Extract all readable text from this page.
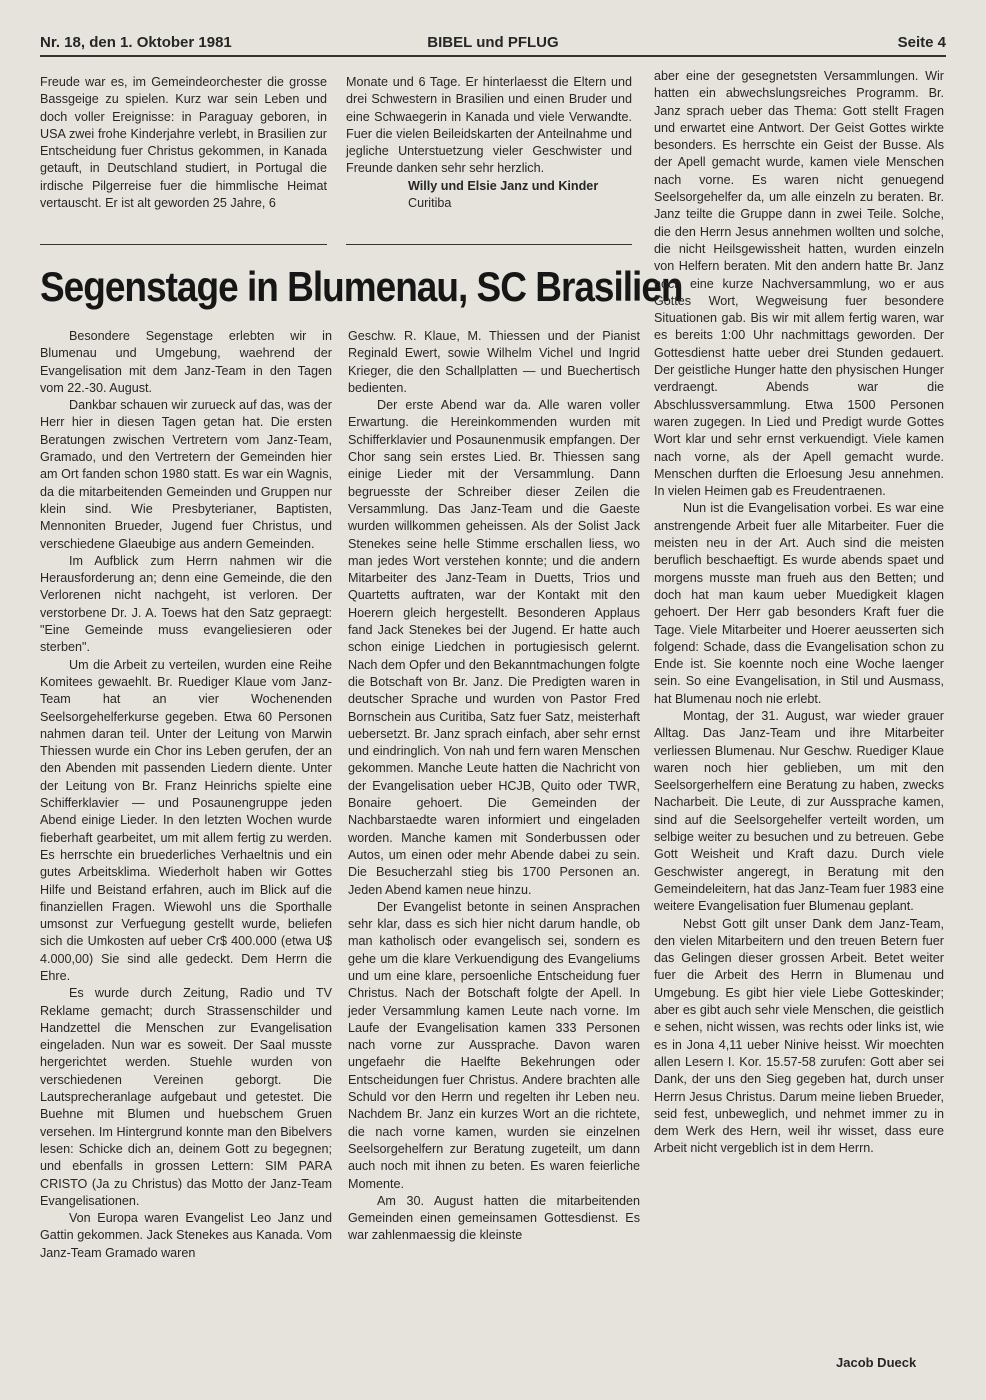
Nr. 18, den 1. Oktober 1981	BIBEL und PFLUG	Seite 4

Freude war es, im Gemeindeorchester die grosse Bassgeige zu spielen. Kurz war sein Leben und doch voller Ereignisse: in Paraguay geboren, in USA zwei frohe Kinderjahre verlebt, in Brasilien zur Entscheidung fuer Christus gekommen, in Kanada getauft, in Deutschland studiert, in Portugal die irdische Pilgerreise fuer die himmlische Heimat vertauscht. Er ist alt geworden 25 Jahre, 6

Monate und 6 Tage. Er hinterlaesst die Eltern und drei Schwestern in Brasilien und einen Bruder und eine Schwaegerin in Kanada und viele Verwandte. Fuer die vielen Beileidskarten der Anteilnahme und jegliche Unterstuetzung vieler Geschwister und Freunde danken sehr sehr herzlich.

Willy und Elsie Janz und Kinder

Curitiba

Segenstage in Blumenau, SC Brasilien

Besondere Segenstage erlebten wir in Blumenau und Umgebung, waehrend der Evangelisation mit dem Janz-Team in den Tagen vom 22.-30. August.

Dankbar schauen wir zurueck auf das, was der Herr hier in diesen Tagen getan hat. Die ersten Beratungen zwischen Vertretern vom Janz-Team, Gramado, und den Vertretern der Gemeinden hier am Ort fanden schon 1980 statt. Es war ein Wagnis, da die mitarbeitenden Gemeinden und Gruppen nur klein sind. Wie Presbyterianer, Baptisten, Mennoniten Brueder, Jugend fuer Christus, und verschiedene Glaeubige aus andern Gemeinden.

Im Aufblick zum Herrn nahmen wir die Herausforderung an; denn eine Gemeinde, die den Verlorenen nicht nachgeht, ist verloren. Der verstorbene Dr. J. A. Toews hat den Satz gepraegt: "Eine Gemeinde muss evangeliesieren oder sterben".

Um die Arbeit zu verteilen, wurden eine Reihe Komitees gewaehlt. Br. Ruediger Klaue vom Janz-Team hat an vier Wochenenden Seelsorgehelferkurse gegeben. Etwa 60 Personen nahmen daran teil. Unter der Leitung von Marwin Thiessen wurde ein Chor ins Leben gerufen, der an den Abenden mit passenden Liedern diente. Unter der Leitung von Br. Franz Heinrichs spielte eine Schifferklavier — und Posaunengruppe jeden Abend einige Lieder. In den letzten Wochen wurde fieberhaft gearbeitet, um mit allem fertig zu werden. Es herrschte ein bruederliches Verhaeltnis und ein gutes Arbeitsklima. Wiederholt haben wir Gottes Hilfe und Beistand erfahren, auch im Blick auf die finanziellen Fragen. Wiewohl uns die Sporthalle umsonst zur Verfuegung gestellt wurde, beliefen sich die Umkosten auf ueber Cr$ 400.000 (etwa U$ 4.000,00) Sie sind alle gedeckt. Dem Herrn die Ehre.

Es wurde durch Zeitung, Radio und TV Reklame gemacht; durch Strassenschilder und Handzettel die Menschen zur Evangelisation eingeladen. Nun war es soweit. Der Saal musste hergerichtet werden. Stuehle wurden von verschiedenen Vereinen geborgt. Die Lautsprecheranlage aufgebaut und getestet. Die Buehne mit Blumen und huebschem Gruen versehen. Im Hintergrund konnte man den Bibelvers lesen: Schicke dich an, deinem Gott zu begegnen; und ebenfalls in grossen Lettern: SIM PARA CRISTO (Ja zu Christus) das Motto der Janz-Team Evangelisationen.

Von Europa waren Evangelist Leo Janz und Gattin gekommen. Jack Stenekes aus Kanada. Vom Janz-Team Gramado waren

Geschw. R. Klaue, M. Thiessen und der Pianist Reginald Ewert, sowie Wilhelm Vichel und Ingrid Krieger, die den Schallplatten — und Buechertisch bedienten.

Der erste Abend war da. Alle waren voller Erwartung. die Hereinkommenden wurden mit Schifferklavier und Posaunenmusik empfangen. Der Chor sang sein erstes Lied. Br. Thiessen sang einige Lieder mit der Versammlung. Dann begruesste der Schreiber dieser Zeilen die Versammlung. Das Janz-Team und die Gaeste wurden willkommen geheissen. Als der Solist Jack Stenekes seine helle Stimme erschallen liess, wo man jedes Wort verstehen konnte; und die andern Mitarbeiter des Janz-Team in Duetts, Trios und Quartetts auftraten, war der Kontakt mit den Hoerern gleich hergestellt. Besonderen Applaus fand Jack Stenekes bei der Jugend. Er hatte auch schon einige Liedchen in portugiesisch gelernt. Nach dem Opfer und den Bekanntmachungen folgte die Botschaft von Br. Janz. Die Predigten waren in deutscher Sprache und wurden von Pastor Fred Bornschein aus Curitiba, Satz fuer Satz, meisterhaft uebersetzt. Br. Janz sprach einfach, aber sehr ernst und eindringlich. Von nah und fern waren Menschen gekommen. Manche Leute hatten die Nachricht von der Evangelisation ueber HCJB, Quito oder TWR, Bonaire gehoert. Die Gemeinden der Nachbarstaedte waren informiert und eingeladen worden. Manche kamen mit Sonderbussen oder Autos, um einen oder mehr Abende dabei zu sein. Die Besucherzahl stieg bis 1700 Personen an. Jeden Abend kamen neue hinzu.

Der Evangelist betonte in seinen Ansprachen sehr klar, dass es sich hier nicht darum handle, ob man katholisch oder evangelisch sei, sondern es gehe um die klare Verkuendigung des Evangeliums und um eine klare, persoenliche Entscheidung fuer Christus. Nach der Botschaft folgte der Apell. In jeder Versammlung kamen Leute nach vorne. Im Laufe der Evangelisation kamen 333 Personen nach vorne zur Aussprache. Davon waren ungefaehr die Haelfte Bekehrungen oder Entscheidungen fuer Christus. Andere brachten alle Schuld vor den Herrn und regelten ihr Leben neu. Nachdem Br. Janz ein kurzes Wort an die richtete, die nach vorne kamen, wurden sie einzelnen Seelsorgehelfern zur Beratung zugeteilt, um dann auch noch mit ihnen zu beten. Es waren feierliche Momente.

Am 30. August hatten die mitarbeitenden Gemeinden einen gemeinsamen Gottesdienst. Es war zahlenmaessig die kleinste

aber eine der gesegnetsten Versammlungen. Wir hatten ein abwechslungsreiches Programm. Br. Janz sprach ueber das Thema: Gott stellt Fragen und erwartet eine Antwort. Der Geist Gottes wirkte besonders. Es herrschte ein Geist der Busse. Als der Apell gemacht wurde, kamen viele Menschen nach vorne. Es waren nicht genuegend Seelsorgehelfer da, um alle einzeln zu beraten. Br. Janz teilte die Gruppe dann in zwei Teile. Solche, die den Herrn Jesus annehmen wollten und solche, die nicht Heilsgewissheit hatten, wurden einzeln von Helfern beraten. Mit den andern hatte Br. Janz noch eine kurze Nachversammlung, wo er aus Gottes Wort, Wegweisung fuer besondere Situationen gab. Bis wir mit allem fertig waren, war es bereits 1:00 Uhr nachmittags geworden. Der Gottesdienst hatte ueber drei Stunden gedauert. Der geistliche Hunger hatte den physischen Hunger verdraengt. Abends war die Abschlussversammlung. Etwa 1500 Personen waren zugegen. In Lied und Predigt wurde Gottes Wort klar und sehr ernst verkuendigt. Viele kamen nach vorne, als der Apell gemacht wurde. Menschen durften die Erloesung Jesu annehmen. In vielen Heimen gab es Freudentraenen.

Nun ist die Evangelisation vorbei. Es war eine anstrengende Arbeit fuer alle Mitarbeiter. Fuer die meisten neu in der Art. Auch sind die meisten beruflich beschaeftigt. Es wurde abends spaet und morgens musste man frueh aus den Betten; und doch hat man kaum ueber Muedigkeit klagen gehoert. Der Herr gab besonders Kraft fuer die Tage. Viele Mitarbeiter und Hoerer aeusserten sich folgend: Schade, dass die Evangelisation schon zu Ende ist. Sie koennte noch eine Woche laenger sein. So eine Evangelisation, in Stil und Ausmass, hat Blumenau noch nie erlebt.

Montag, der 31. August, war wieder grauer Alltag. Das Janz-Team und ihre Mitarbeiter verliessen Blumenau. Nur Geschw. Ruediger Klaue waren noch hier geblieben, um mit den Seelsorgerhelfern eine Beratung zu haben, zwecks Nacharbeit. Die Leute, di zur Aussprache kamen, sind auf die Seelsorgehelfer verteilt worden, um selbige weiter zu besuchen und zu betreuen. Gebe Gott Weisheit und Kraft dazu. Durch viele Geschwister angeregt, in Beratung mit den Gemeindeleitern, hat das Janz-Team fuer 1983 eine weitere Evangelisation fuer Blumenau geplant.

Nebst Gott gilt unser Dank dem Janz-Team, den vielen Mitarbeitern und den treuen Betern fuer das Gelingen dieser grossen Arbeit. Betet weiter fuer die Arbeit des Herrn in Blumenau und Umgebung. Es gibt hier viele Liebe Gotteskinder; aber es gibt auch sehr viele Menschen, die geistlich e sehen, nicht wissen, was rechts oder links ist, wie es in Jona 4,11 ueber Ninive heisst. Wir moechten allen Lesern I. Kor. 15.57-58 zurufen: Gott aber sei Dank, der uns den Sieg gegeben hat, durch unser Herrn Jesus Christus. Darum meine lieben Brueder, seid fest, unbeweglich, und nehmet immer zu in dem Werk des Hern, weil ihr wisset, dass eure Arbeit nicht vergeblich ist in dem Herrn.

Jacob Dueck
